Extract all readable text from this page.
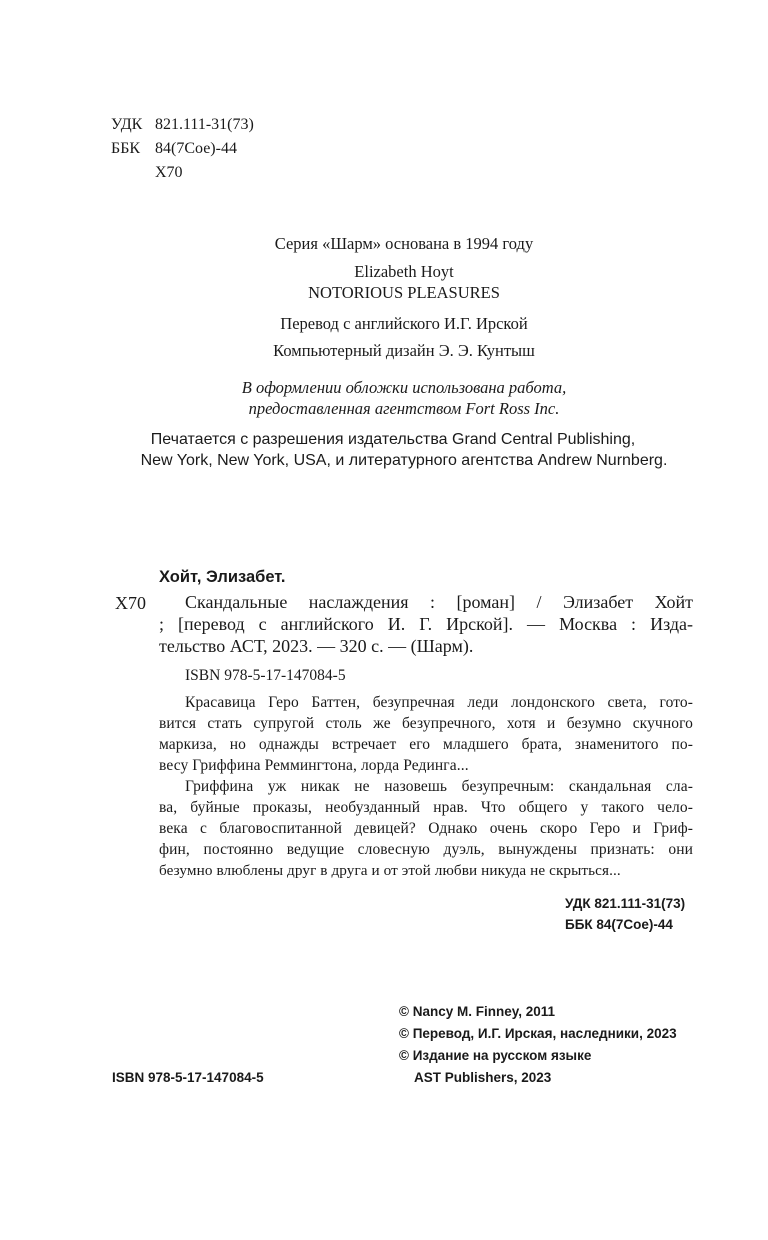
УДК 821.111-31(73)
ББК 84(7Сое)-44
Х70
Серия «Шарм» основана в 1994 году
Elizabeth Hoyt
NOTORIOUS PLEASURES
Перевод с английского И.Г. Ирской
Компьютерный дизайн Э. Э. Кунтыш
В оформлении обложки использована работа,
предоставленная агентством Fort Ross Inc.
Печатается с разрешения издательства Grand Central Publishing,
New York, New York, USA, и литературного агентства Andrew Nurnberg.
Хойт, Элизабет.
Х70 Скандальные наслаждения : [роман] / Элизабет Хойт
; [перевод с английского И. Г. Ирской]. — Москва : Изда-
тельство АСТ, 2023. — 320 с. — (Шарм).
ISBN 978-5-17-147084-5
Красавица Геро Баттен, безупречная леди лондонского света, гото-
вится стать супругой столь же безупречного, хотя и безумно скучного
маркиза, но однажды встречает его младшего брата, знаменитого по-
весу Гриффина Реммингтона, лорда Рединга...
Гриффина уж никак не назовешь безупречным: скандальная сла-
ва, буйные проказы, необузданный нрав. Что общего у такого чело-
века с благовоспитанной девицей? Однако очень скоро Геро и Гриф-
фин, постоянно ведущие словесную дуэль, вынуждены признать: они
безумно влюблены друг в друга и от этой любви никуда не скрыться...
УДК 821.111-31(73)
ББК 84(7Сое)-44
© Nancy M. Finney, 2011
© Перевод, И.Г. Ирская, наследники, 2023
© Издание на русском языке
AST Publishers, 2023
ISBN 978-5-17-147084-5
